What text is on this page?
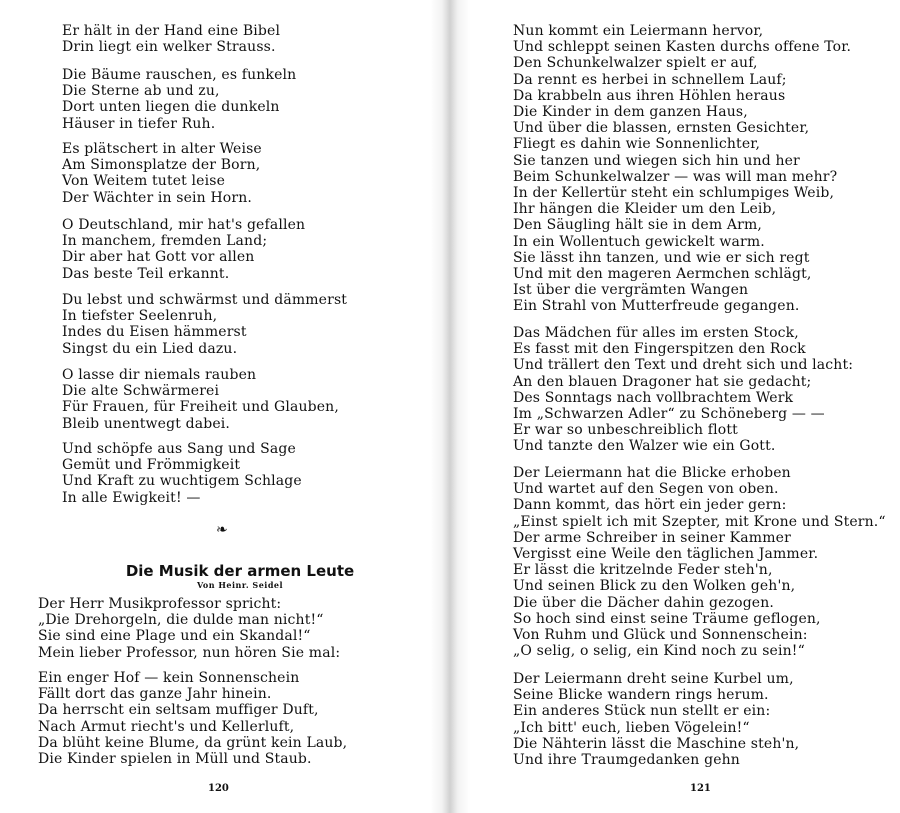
Er hält in der Hand eine Bibel
Drin liegt ein welker Strauss.
Die Bäume rauschen, es funkeln
Die Sterne ab und zu,
Dort unten liegen die dunkeln
Häuser in tiefer Ruh.
Es plätschert in alter Weise
Am Simonsplatze der Born,
Von Weitem tutet leise
Der Wächter in sein Horn.
O Deutschland, mir hat's gefallen
In manchem, fremden Land;
Dir aber hat Gott vor allen
Das beste Teil erkannt.
Du lebst und schwärmst und dämmerst
In tiefster Seelenruh,
Indes du Eisen hämmerst
Singst du ein Lied dazu.
O lasse dir niemals rauben
Die alte Schwärmerei
Für Frauen, für Freiheit und Glauben,
Bleib unentwegt dabei.
Und schöpfe aus Sang und Sage
Gemüt und Frömmigkeit
Und Kraft zu wuchtigem Schlage
In alle Ewigkeit! —
❧
Die Musik der armen Leute
Von Heinr. Seidel
Der Herr Musikprofessor spricht:
„Die Drehorgeln, die dulde man nicht!“
Sie sind eine Plage und ein Skandal!“
Mein lieber Professor, nun hören Sie mal:
Ein enger Hof — kein Sonnenschein
Fällt dort das ganze Jahr hinein.
Da herrscht ein seltsam muffiger Duft,
Nach Armut riecht's und Kellerluft,
Da blüht keine Blume, da grünt kein Laub,
Die Kinder spielen in Müll und Staub.
120
Nun kommt ein Leiermann hervor,
Und schleppt seinen Kasten durchs offene Tor.
Den Schunkelwalzer spielt er auf,
Da rennt es herbei in schnellem Lauf;
Da krabbeln aus ihren Höhlen heraus
Die Kinder in dem ganzen Haus,
Und über die blassen, ernsten Gesichter,
Fliegt es dahin wie Sonnenlichter,
Sie tanzen und wiegen sich hin und her
Beim Schunkelwalzer — was will man mehr?
In der Kellertür steht ein schlumpiges Weib,
Ihr hängen die Kleider um den Leib,
Den Säugling hält sie in dem Arm,
In ein Wollentuch gewickelt warm.
Sie lässt ihn tanzen, und wie er sich regt
Und mit den mageren Aermchen schlägt,
Ist über die vergrämten Wangen
Ein Strahl von Mutterfreude gegangen.
Das Mädchen für alles im ersten Stock,
Es fasst mit den Fingerspitzen den Rock
Und trällert den Text und dreht sich und lacht:
An den blauen Dragoner hat sie gedacht;
Des Sonntags nach vollbrachtem Werk
Im „Schwarzen Adler“ zu Schöneberg — —
Er war so unbeschreiblich flott
Und tanzte den Walzer wie ein Gott.
Der Leiermann hat die Blicke erhoben
Und wartet auf den Segen von oben.
Dann kommt, das hört ein jeder gern:
„Einst spielt ich mit Szepter, mit Krone und Stern.“
Der arme Schreiber in seiner Kammer
Vergisst eine Weile den täglichen Jammer.
Er lässt die kritzelnde Feder steh'n,
Und seinen Blick zu den Wolken geh'n,
Die über die Dächer dahin gezogen.
So hoch sind einst seine Träume geflogen,
Von Ruhm und Glück und Sonnenschein:
„O selig, o selig, ein Kind noch zu sein!“
Der Leiermann dreht seine Kurbel um,
Seine Blicke wandern rings herum.
Ein anderes Stück nun stellt er ein:
„Ich bitt' euch, lieben Vögelein!“
Die Nähterin lässt die Maschine steh'n,
Und ihre Traumgedanken gehn
121
